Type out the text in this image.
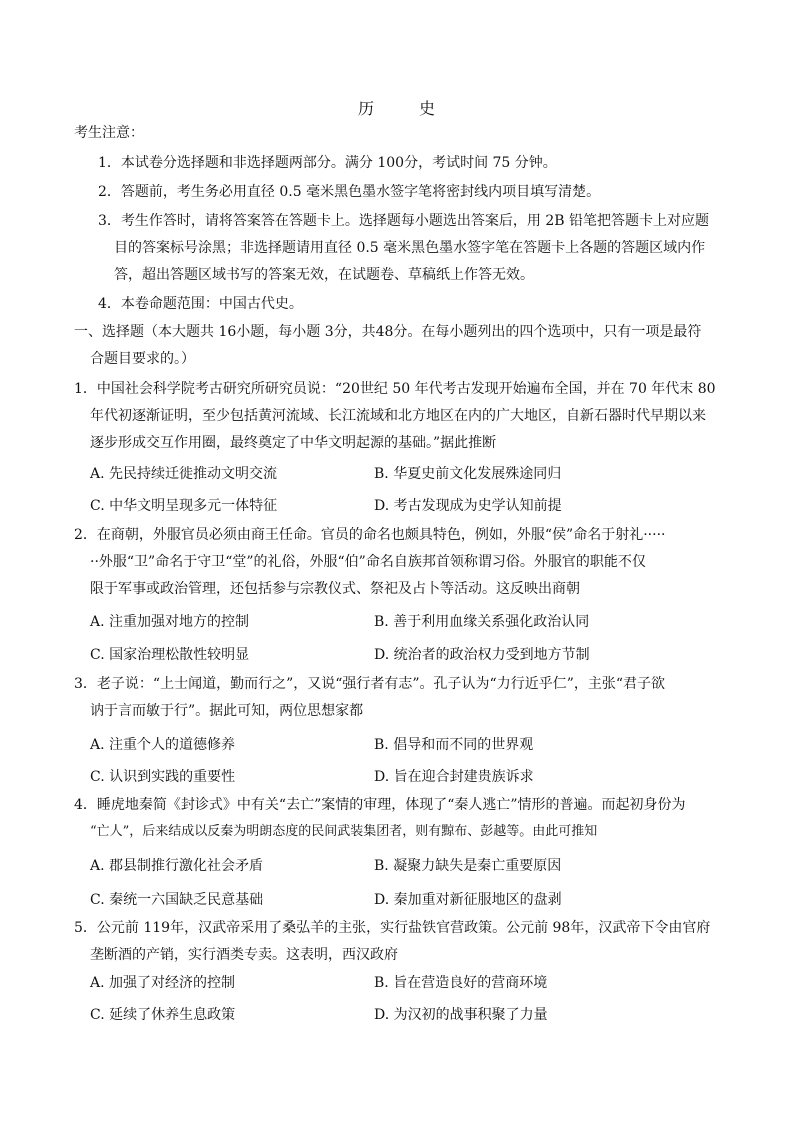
历 史
考生注意：
1．本试卷分选择题和非选择题两部分。满分 100分，考试时间 75 分钟。
2．答题前，考生务必用直径 0.5 毫米黑色墨水签字笔将密封线内项目填写清楚。
3．考生作答时，请将答案答在答题卡上。选择题每小题选出答案后，用 2B 铅笔把答题卡上对应题
目的答案标号涂黑；非选择题请用直径 0.5 毫米黑色墨水签字笔在答题卡上各题的答题区域内作
答，超出答题区域书写的答案无效，在试题卷、草稿纸上作答无效。
4．本卷命题范围：中国古代史。
一、选择题（本大题共 16小题，每小题 3分，共48分。在每小题列出的四个选项中，只有一项是最符
合题目要求的。）
1．中国社会科学院考古研究所研究员说：“20世纪 50 年代考古发现开始遍布全国，并在 70 年代末 80
年代初逐渐证明，至少包括黄河流域、长江流域和北方地区在内的广大地区，自新石器时代早期以来
逐步形成交互作用圈，最终奠定了中华文明起源的基础。”据此推断
A. 先民持续迁徙推动文明交流	B. 华夏史前文化发展殊途同归
C. 中华文明呈现多元一体特征	D. 考古发现成为史学认知前提
2．在商朝，外服官员必须由商王任命。官员的命名也颇具特色，例如，外服“侯”命名于射礼·····
··外服“卫”命名于守卫“堂”的礼俗，外服“伯”命名自族邦首领称谓习俗。外服官的职能不仅
限于军事或政治管理，还包括参与宗教仪式、祭祀及占卜等活动。这反映出商朝
A. 注重加强对地方的控制	B. 善于利用血缘关系强化政治认同
C. 国家治理松散性较明显	D. 统治者的政治权力受到地方节制
3．老子说：“上士闻道，勤而行之”，又说“强行者有志”。孔子认为“力行近乎仁”，主张“君子欲
讷于言而敏于行”。据此可知，两位思想家都
A. 注重个人的道德修养	B. 倡导和而不同的世界观
C. 认识到实践的重要性	D. 旨在迎合封建贵族诉求
4．睡虎地秦简《封诊式》中有关“去亡”案情的审理，体现了“秦人逃亡”情形的普遍。而起初身份为
“亡人”，后来结成以反秦为明朗态度的民间武装集团者，则有黥布、彭越等。由此可推知
A. 郡县制推行激化社会矛盾	B. 凝聚力缺失是秦亡重要原因
C. 秦统一六国缺乏民意基础	D. 秦加重对新征服地区的盘剥
5．公元前 119年，汉武帝采用了桑弘羊的主张，实行盐铁官营政策。公元前 98年，汉武帝下令由官府
垄断酒的产销，实行酒类专卖。这表明，西汉政府
A. 加强了对经济的控制	B. 旨在营造良好的营商环境
C. 延续了休养生息政策	D. 为汉初的战事积聚了力量
